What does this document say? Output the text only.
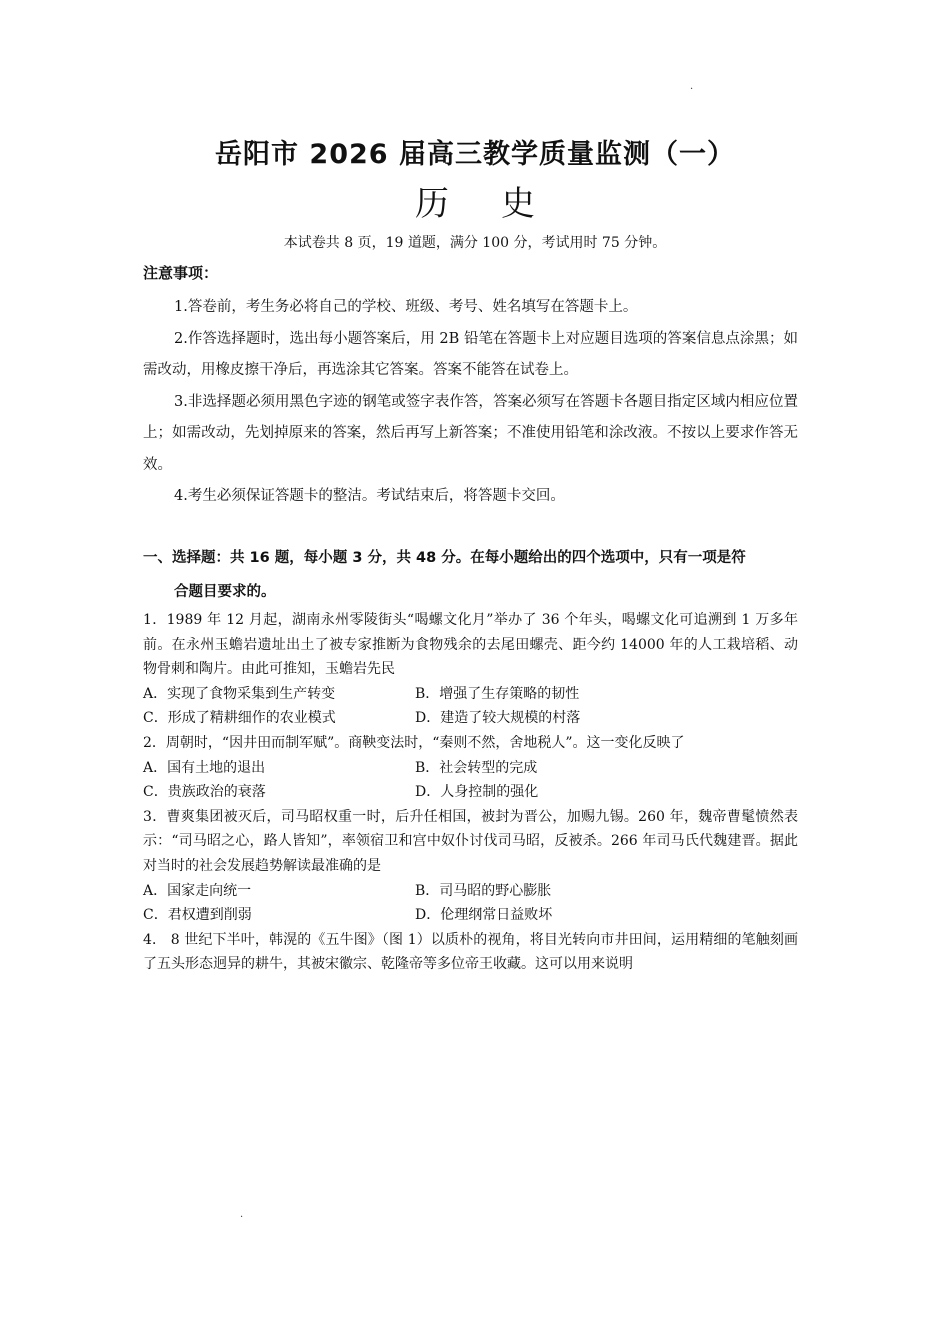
·
岳阳市 2026 届高三教学质量监测（一）
历 史
本试卷共 8 页，19 道题，满分 100 分，考试用时 75 分钟。
注意事项：

1.答卷前，考生务必将自己的学校、班级、考号、姓名填写在答题卡上。

2.作答选择题时，选出每小题答案后，用 2B 铅笔在答题卡上对应题目选项的答案信息点涂黑；如需改动，用橡皮擦干净后，再选涂其它答案。答案不能答在试卷上。

3.非选择题必须用黑色字迹的钢笔或签字表作答，答案必须写在答题卡各题目指定区域内相应位置上；如需改动，先划掉原来的答案，然后再写上新答案；不准使用铅笔和涂改液。不按以上要求作答无效。

4.考生必须保证答题卡的整洁。考试结束后，将答题卡交回。

一、选择题：共 16 题，每小题 3 分，共 48 分。在每小题给出的四个选项中，只有一项是符
合题目要求的。

1．1989 年 12 月起，湖南永州零陵街头“喝螺文化月”举办了 36 个年头，喝螺文化可追溯到 1 万多年前。在永州玉蟾岩遗址出土了被专家推断为食物残余的去尾田螺壳、距今约 14000 年的人工栽培稻、动物骨刺和陶片。由此可推知，玉蟾岩先民

A．实现了食物采集到生产转变	B．增强了生存策略的韧性
C．形成了精耕细作的农业模式	D．建造了较大规模的村落

2．周朝时，“因井田而制军赋”。商鞅变法时，“秦则不然，舍地税人”。这一变化反映了

A．国有土地的退出	B．社会转型的完成
C．贵族政治的衰落	D．人身控制的强化

3．曹爽集团被灭后，司马昭权重一时，后升任相国，被封为晋公，加赐九锡。260 年，魏帝曹髦愤然表示：“司马昭之心，路人皆知”，率领宿卫和宫中奴仆讨伐司马昭，反被杀。266 年司马氏代魏建晋。据此对当时的社会发展趋势解读最准确的是

A．国家走向统一	B．司马昭的野心膨胀
C．君权遭到削弱	D．伦理纲常日益败坏

4． 8 世纪下半叶，韩滉的《五牛图》（图 1）以质朴的视角，将目光转向市井田间，运用精细的笔触刻画了五头形态迥异的耕牛，其被宋徽宗、乾隆帝等多位帝王收藏。这可以用来说明

·
